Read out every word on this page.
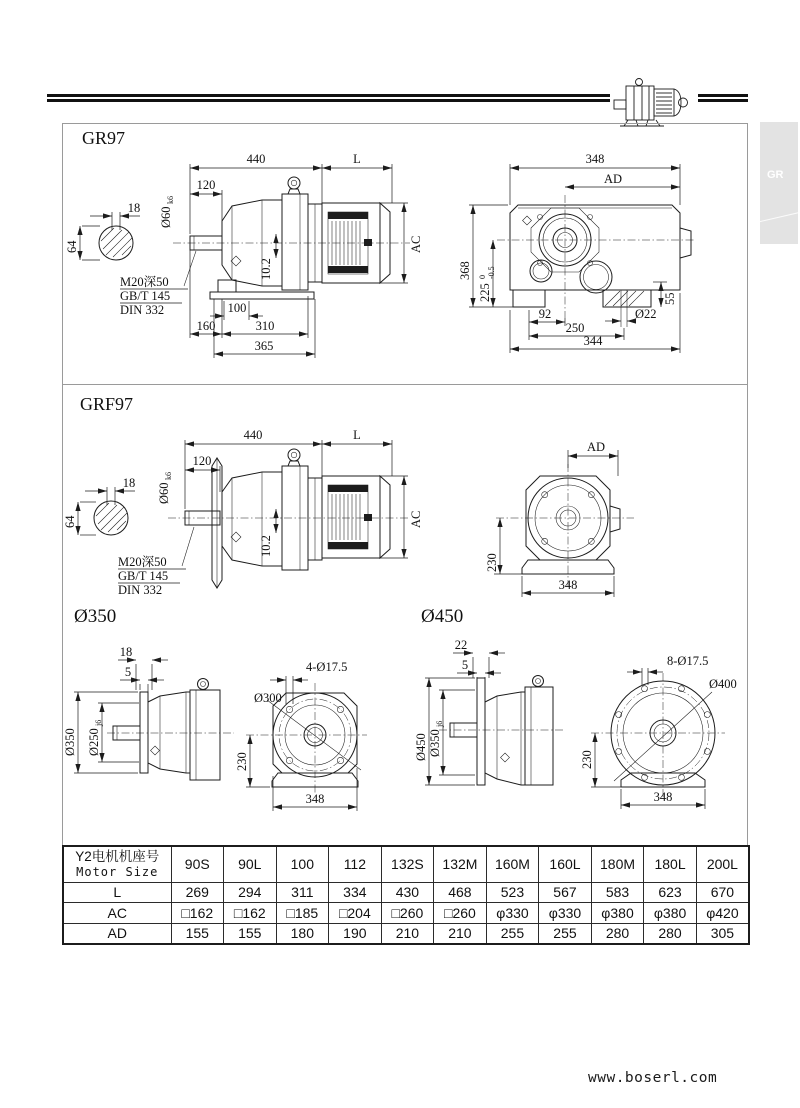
GR
GR97
GRF97
Ø350	Ø450
440	L
120
Ø60
k6
18
64
100
160	310
365
10.2
AC
M20深50
GB/T 145
DIN 332
348
AD
368
225
0 -0.5
55
Ø22
92
250
344
440	L
120
Ø60
k6
18
64
10.2
AC
M20深50
GB/T 145
DIN 332
AD
230
348
18
5
Ø350 Ø250
j6
4-Ø17.5
Ø300
230
348
22
5
Ø450 Ø350
j6
8-Ø17.5
Ø400
230
348
Y2电机机座号
Motor Size	90S	90L	100	112	132S	132M	160M	160L	180M	180L	200L
L	269	294	311	334	430	468	523	567	583	623	670
AC	□162	□162	□185	□204	□260	□260	φ330	φ330	φ380	φ380	φ420
AD	155	155	180	190	210	210	255	255	280	280	305
www.boserl.com
